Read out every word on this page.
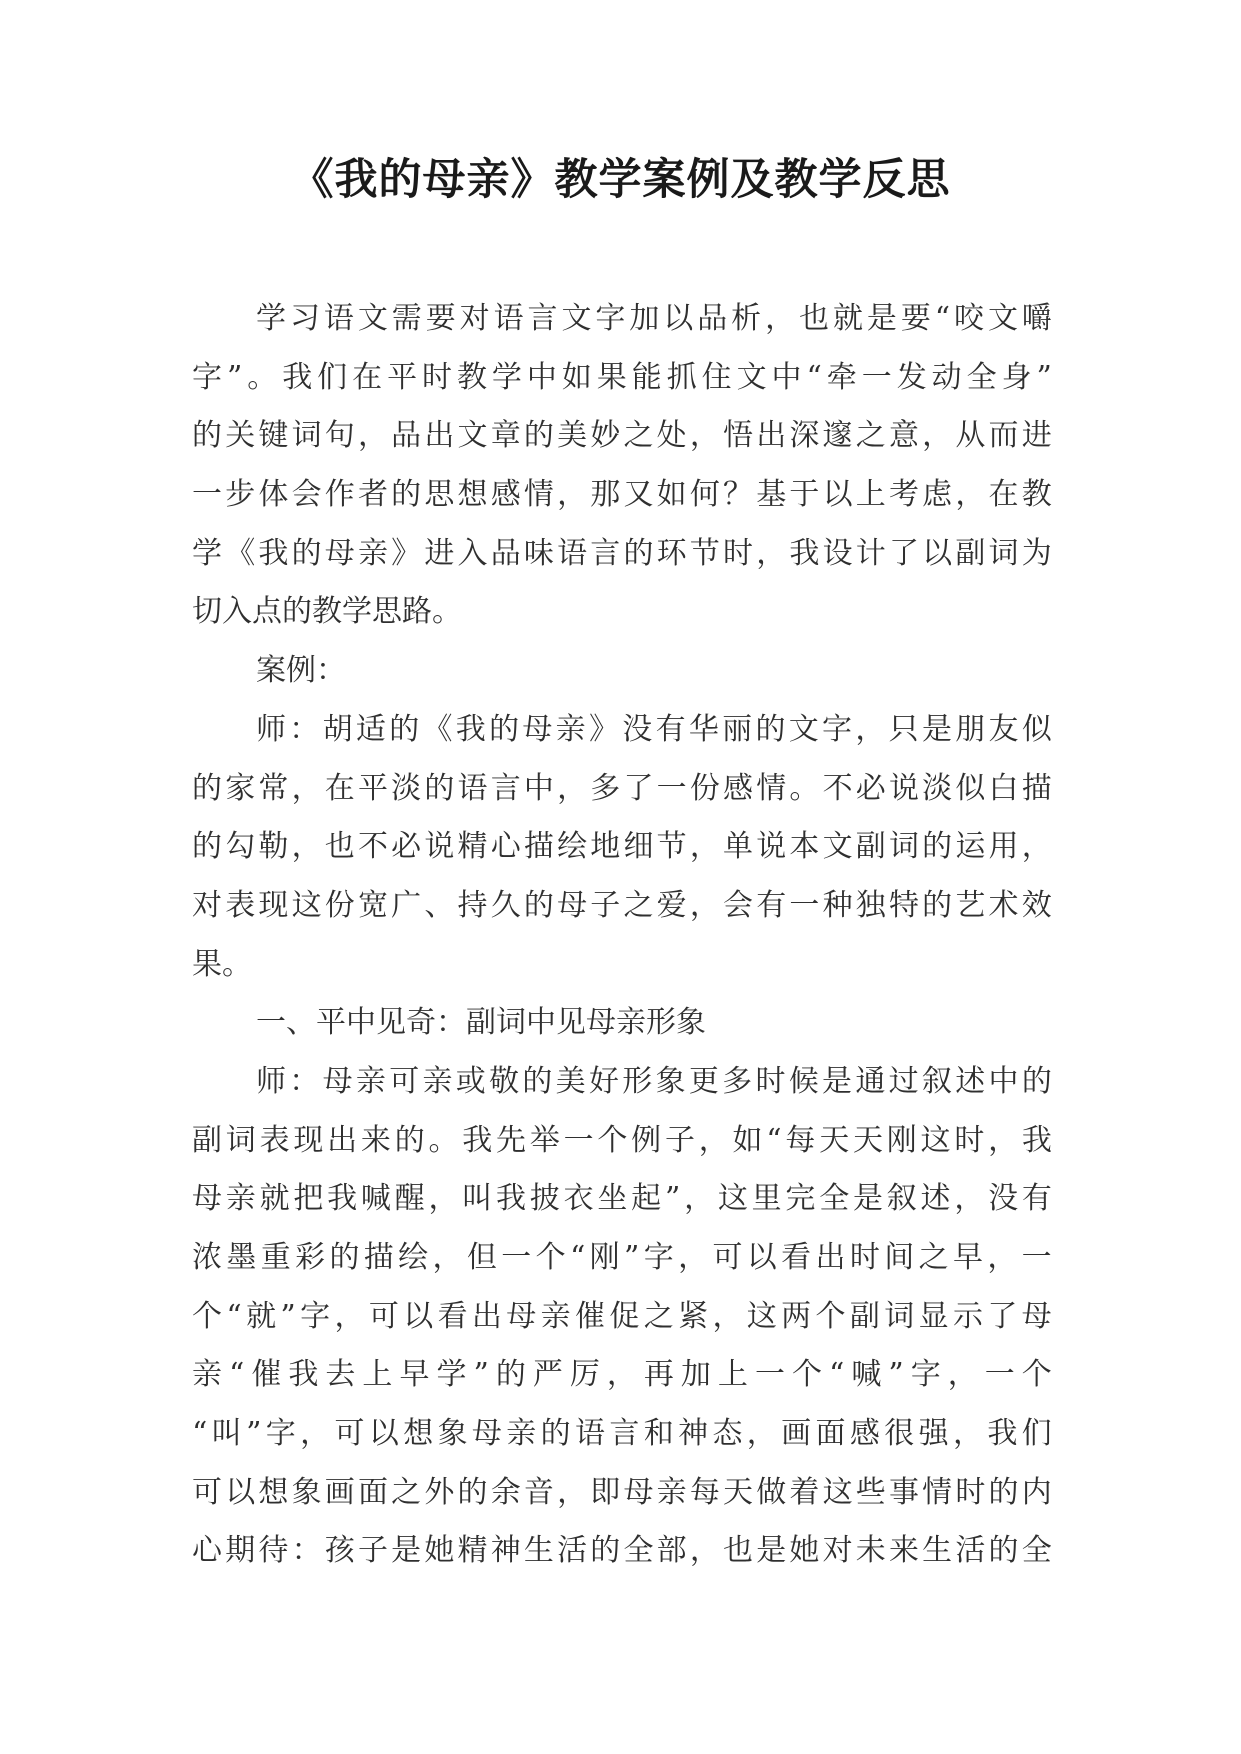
《我的母亲》教学案例及教学反思
学 习 语 文 需 要 对 语 言 文 字 加 以 品 析 ， 也 就 是 要 “ 咬 文 嚼
字 ” 。 我 们 在 平 时 教 学 中 如 果 能 抓 住 文 中 “ 牵 一 发 动 全 身 ”
的 关 键 词 句 ， 品 出 文 章 的 美 妙 之 处 ， 悟 出 深 邃 之 意 ， 从 而 进
一 步 体 会 作 者 的 思 想 感 情 ， 那 又 如 何 ？ 基 于 以 上 考 虑 ， 在 教
学 《 我 的 母 亲 》 进 入 品 味 语 言 的 环 节 时 ， 我 设 计 了 以 副 词 为
切入点的教学思路。
案例：
师 ： 胡 适 的 《 我 的 母 亲 》 没 有 华 丽 的 文 字 ， 只 是 朋 友 似
的 家 常 ， 在 平 淡 的 语 言 中 ， 多 了 一 份 感 情 。 不 必 说 淡 似 白 描
的 勾 勒 ， 也 不 必 说 精 心 描 绘 地 细 节 ， 单 说 本 文 副 词 的 运 用 ，
对 表 现 这 份 宽 广 、 持 久 的 母 子 之 爱 ， 会 有 一 种 独 特 的 艺 术 效
果。
一、平中见奇：副词中见母亲形象
师 ： 母 亲 可 亲 或 敬 的 美 好 形 象 更 多 时 候 是 通 过 叙 述 中 的
副 词 表 现 出 来 的 。 我 先 举 一 个 例 子 ， 如 “ 每 天 天 刚 这 时 ， 我
母 亲 就 把 我 喊 醒 ， 叫 我 披 衣 坐 起 ” ， 这 里 完 全 是 叙 述 ， 没 有
浓 墨 重 彩 的 描 绘 ， 但 一 个 “ 刚 ” 字 ， 可 以 看 出 时 间 之 早 ， 一
个 “ 就 ” 字 ， 可 以 看 出 母 亲 催 促 之 紧 ， 这 两 个 副 词 显 示 了 母
亲 “ 催 我 去 上 早 学 ” 的 严 厉 ， 再 加 上 一 个 “ 喊 ” 字 ， 一 个
“ 叫 ” 字 ， 可 以 想 象 母 亲 的 语 言 和 神 态 ， 画 面 感 很 强 ， 我 们
可 以 想 象 画 面 之 外 的 余 音 ， 即 母 亲 每 天 做 着 这 些 事 情 时 的 内
心 期 待 ： 孩 子 是 她 精 神 生 活 的 全 部 ， 也 是 她 对 未 来 生 活 的 全
